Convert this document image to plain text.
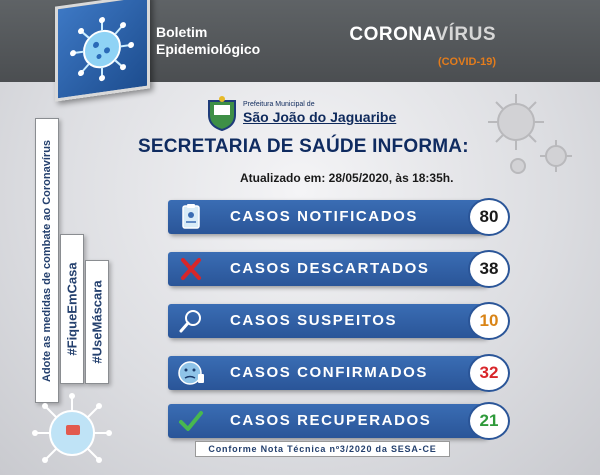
CORONAVÍRUS
(COVID-19)
Boletim
Epidemiológico
Prefeitura Municipal de
São João do Jaguaribe
SECRETARIA DE SAÚDE INFORMA:
Atualizado em: 28/05/2020, às 18:35h.
Adote as medidas de combate ao Coronavírus #FiqueEmCasa #UseMáscara
CASOS NOTIFICADOS	80
CASOS DESCARTADOS	38
CASOS SUSPEITOS	10
CASOS CONFIRMADOS	32
CASOS RECUPERADOS	21
Conforme Nota Técnica nº3/2020 da SESA-CE
